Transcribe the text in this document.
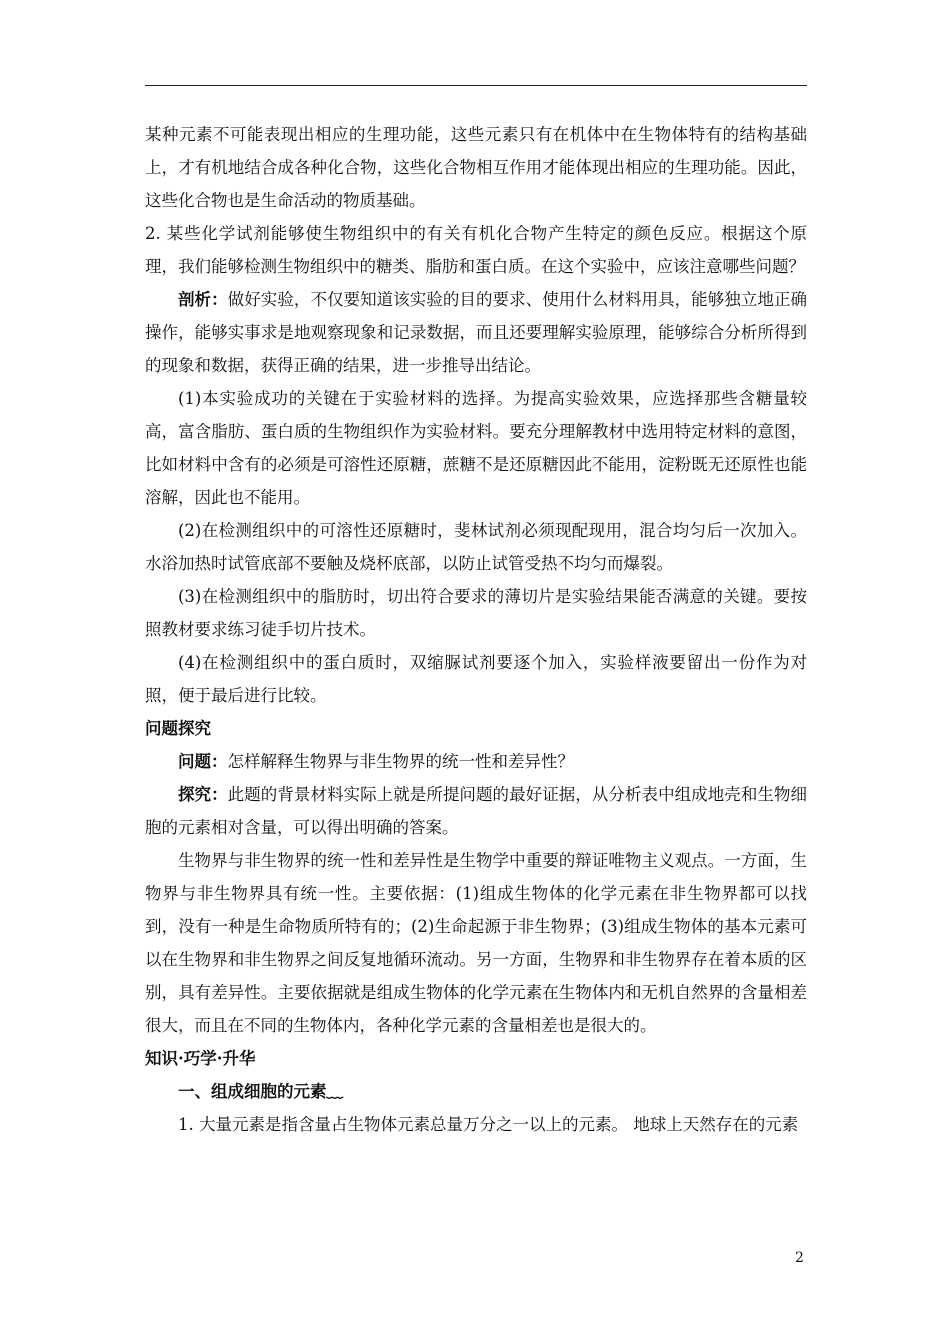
某种元素不可能表现出相应的生理功能，这些元素只有在机体中在生物体特有的结构基础上，才有机地结合成各种化合物，这些化合物相互作用才能体现出相应的生理功能。因此，这些化合物也是生命活动的物质基础。

2. 某些化学试剂能够使生物组织中的有关有机化合物产生特定的颜色反应。根据这个原理，我们能够检测生物组织中的糖类、脂肪和蛋白质。在这个实验中，应该注意哪些问题？

剖析：做好实验，不仅要知道该实验的目的要求、使用什么材料用具，能够独立地正确操作，能够实事求是地观察现象和记录数据，而且还要理解实验原理，能够综合分析所得到的现象和数据，获得正确的结果，进一步推导出结论。

(1)本实验成功的关键在于实验材料的选择。为提高实验效果，应选择那些含糖量较高，富含脂肪、蛋白质的生物组织作为实验材料。要充分理解教材中选用特定材料的意图，比如材料中含有的必须是可溶性还原糖，蔗糖不是还原糖因此不能用，淀粉既无还原性也能溶解，因此也不能用。

(2)在检测组织中的可溶性还原糖时，斐林试剂必须现配现用，混合均匀后一次加入。水浴加热时试管底部不要触及烧杯底部，以防止试管受热不均匀而爆裂。

(3)在检测组织中的脂肪时，切出符合要求的薄切片是实验结果能否满意的关键。要按照教材要求练习徒手切片技术。

(4)在检测组织中的蛋白质时，双缩脲试剂要逐个加入，实验样液要留出一份作为对照，便于最后进行比较。

问题探究

问题：怎样解释生物界与非生物界的统一性和差异性？

探究：此题的背景材料实际上就是所提问题的最好证据，从分析表中组成地壳和生物细胞的元素相对含量，可以得出明确的答案。

生物界与非生物界的统一性和差异性是生物学中重要的辩证唯物主义观点。一方面，生物界与非生物界具有统一性。主要依据：(1)组成生物体的化学元素在非生物界都可以找到，没有一种是生命物质所特有的；(2)生命起源于非生物界；(3)组成生物体的基本元素可以在生物界和非生物界之间反复地循环流动。另一方面，生物界和非生物界存在着本质的区别，具有差异性。主要依据就是组成生物体的化学元素在生物体内和无机自然界的含量相差很大，而且在不同的生物体内，各种化学元素的含量相差也是很大的。

知识·巧学·升华

一、组成细胞的元素﹏

1. 大量元素是指含量占生物体元素总量万分之一以上的元素。 地球上天然存在的元素

2
